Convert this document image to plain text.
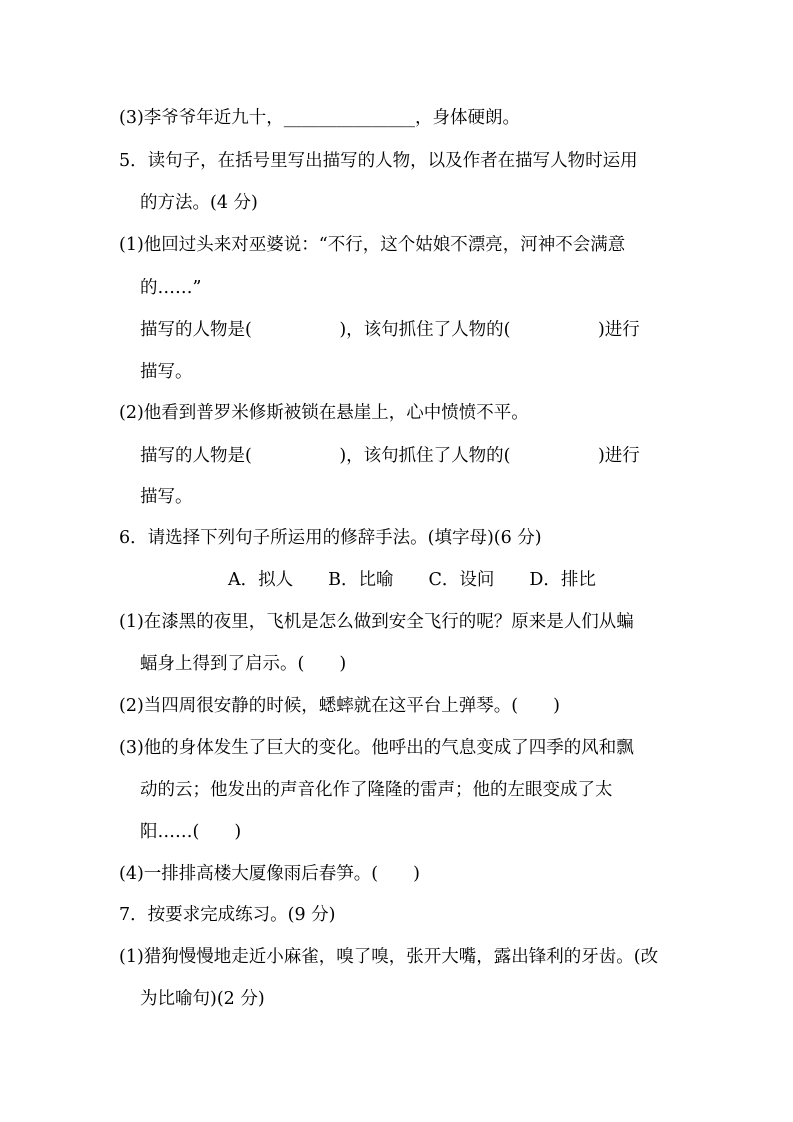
(3)李爷爷年近九十，_______________，身体硬朗。
5．读句子，在括号里写出描写的人物，以及作者在描写人物时运用
的方法。(4 分)
(1)他回过头来对巫婆说：“不行，这个姑娘不漂亮，河神不会满意
的……”
描写的人物是(　　　　　)，该句抓住了人物的(　　　　　)进行
描写。
(2)他看到普罗米修斯被锁在悬崖上，心中愤愤不平。
描写的人物是(　　　　　)，该句抓住了人物的(　　　　　)进行
描写。
6．请选择下列句子所运用的修辞手法。(填字母)(6 分)
A．拟人　　B．比喻　　C．设问　　D．排比
(1)在漆黑的夜里，飞机是怎么做到安全飞行的呢？原来是人们从蝙
蝠身上得到了启示。(　　)
(2)当四周很安静的时候，蟋蟀就在这平台上弹琴。(　　)
(3)他的身体发生了巨大的变化。他呼出的气息变成了四季的风和飘
动的云；他发出的声音化作了隆隆的雷声；他的左眼变成了太
阳……(　　)
(4)一排排高楼大厦像雨后春笋。(　　)
7．按要求完成练习。(9 分)
(1)猎狗慢慢地走近小麻雀，嗅了嗅，张开大嘴，露出锋利的牙齿。(改
为比喻句)(2 分)
